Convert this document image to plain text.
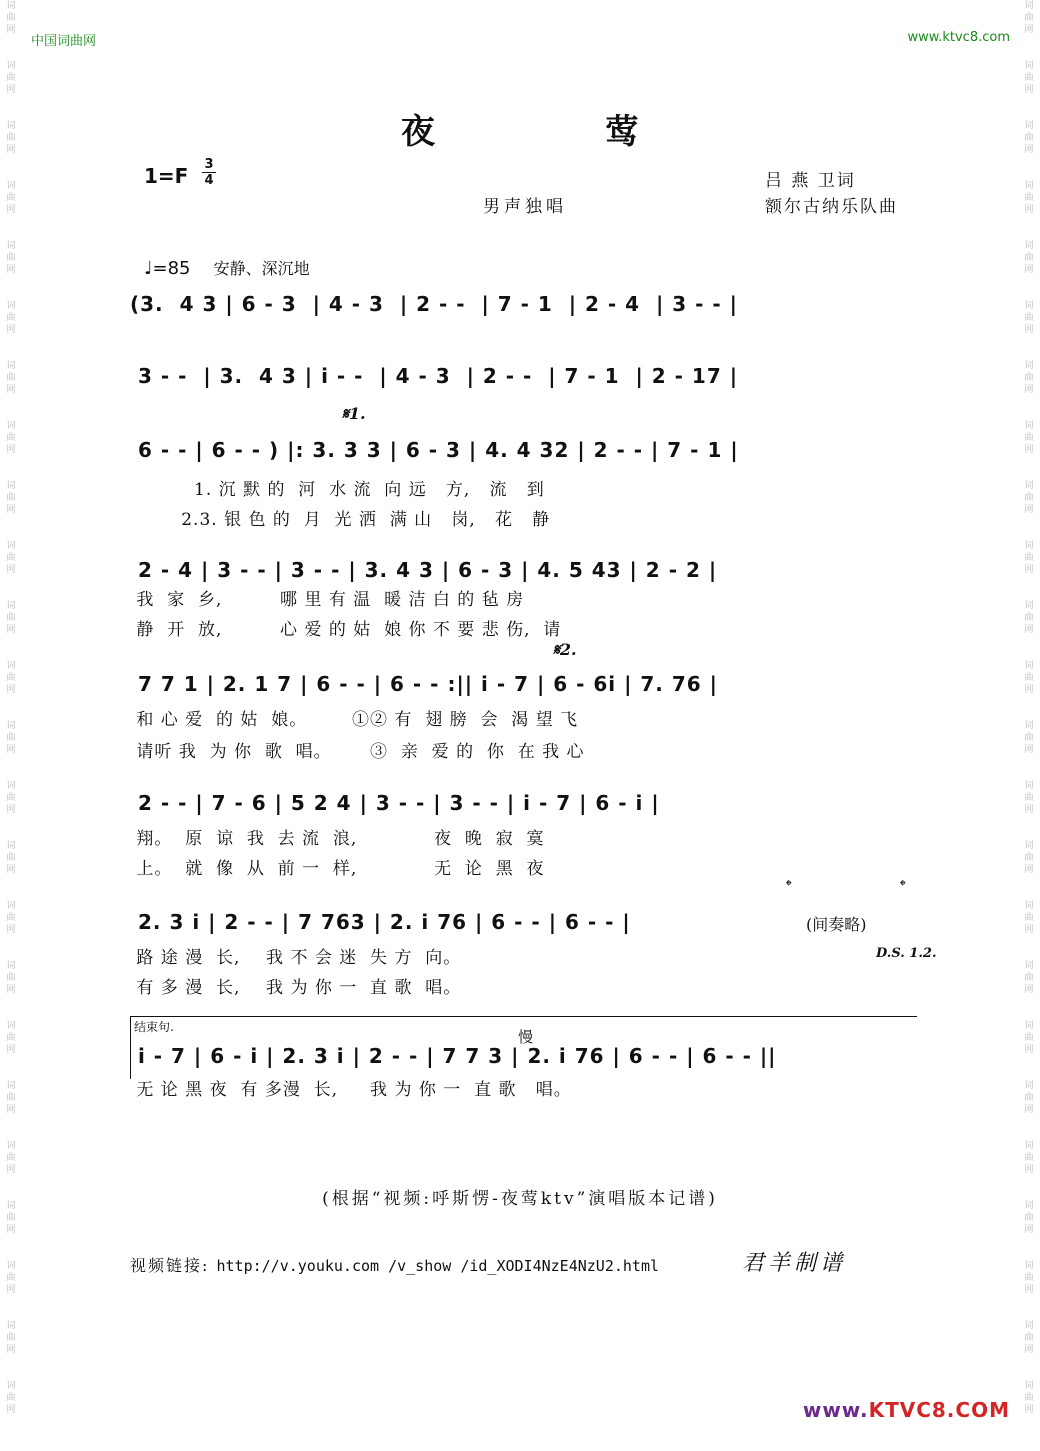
词
曲
网
词
曲
网
词
曲
网
词
曲
网
词
曲
网
词
曲
网
词
曲
网
词
曲
网
词
曲
网
词
曲
网
词
曲
网
词
曲
网
词
曲
网
词
曲
网
词
曲
网
词
曲
网
词
曲
网
词
曲
网
词
曲
网
词
曲
网
词
曲
网
词
曲
网
词
曲
网
词
曲
网
词
曲
网
词
曲
网
词
曲
网
词
曲
网
词
曲
网
词
曲
网
词
曲
网
词
曲
网
词
曲
网
词
曲
网
词
曲
网
词
曲
网
词
曲
网
词
曲
网
词
曲
网
词
曲
网
词
曲
网
词
曲
网
词
曲
网
词
曲
网
词
曲
网
词
曲
网
词
曲
网
词
曲
网
中国词曲网	www.ktvc8.com
夜莺
1=F 3
4
男声独唱
吕 燕 卫词
额尔古纳乐队曲
♩=85 安静、深沉地
(3.  4 3 | 6 - 3  | 4 - 3  | 2 - -  | 7 - 1  | 2 - 4  | 3 - - |
3 - -  | 3.  4 3 | i - -  | 4 - 3  | 2 - -  | 7 - 1  | 2 - 17 |
6 - - | 6 - - ) |: 3. 3 3 | 6 - 3 | 4. 4 32 | 2 - - | 7 - 1 |
1. 沉 默 的  河  水 流  向 远   方,   流   到
2.3. 银 色 的  月  光 洒  满 山   岗,   花   静
2 - 4 | 3 - - | 3 - - | 3. 4 3 | 6 - 3 | 4. 5 43 | 2 - 2 |
我  家  乡,         哪 里 有 温  暖 洁 白 的 毡 房
静  开  放,         心 爱 的 姑  娘 你 不 要 悲 伤,  请
7 7 1 | 2. 1 7 | 6 - - | 6 - - :|| i - 7 | 6 - 6i | 7. 76 |
和 心 爱  的 姑  娘。       ①② 有  翅 膀  会  渴 望 飞
请听 我  为 你  歌  唱。      ③  亲  爱 的  你  在 我 心
2 - - | 7 - 6 | 5 2 4 | 3 - - | 3 - - | i - 7 | 6 - i |
翔。  原  谅  我  去 流  浪,            夜  晚  寂  寞
上。  就  像  从  前 一  样,            无  论  黑  夜
2. 3 i | 2 - - | 7 763 | 2. i 76 | 6 - - | 6 - - |
路 途 漫  长,    我 不 会 迷  失 方  向。
有 多 漫  长,    我 为 你 一  直 歌  唱。
(间奏略)
结束句.
慢
i - 7 | 6 - i | 2. 3 i | 2 - - | 7 7 3 | 2. i 76 | 6 - - | 6 - - ||
无 论 黑 夜  有 多漫  长,     我 为 你 一  直 歌   唱。
𝄋1.
𝄋2.
𝄌	𝄌
D.S. 1.2.
(根据“视频:呼斯愣-夜莺ktv”演唱版本记谱)
视频链接: http://v.youku.com /v_show /id_XODI4NzE4NzU2.html	君羊制谱
www.KTVC8.COM
